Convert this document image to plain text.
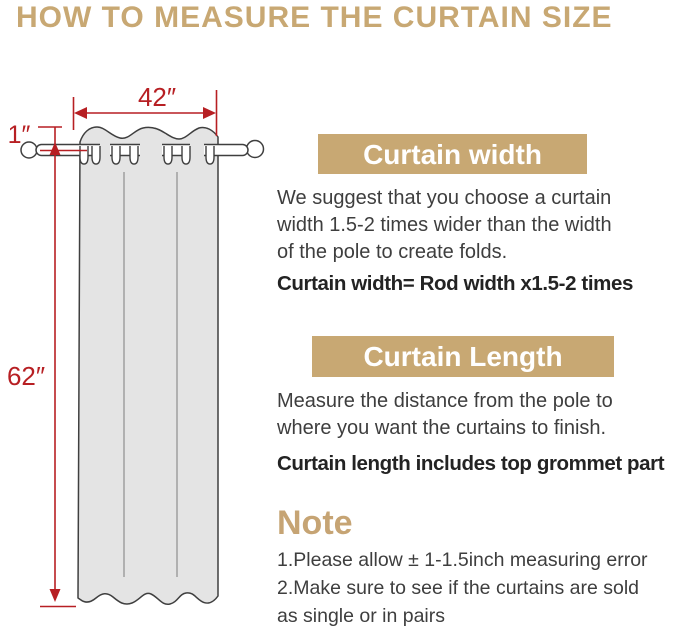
HOW TO MEASURE THE CURTAIN SIZE
42″
1″
62″
Curtain width
We suggest that you choose a curtain
width 1.5-2 times wider than the width
of the pole to create folds.
Curtain width= Rod width x1.5-2 times
Curtain Length
Measure the distance from the pole to
where you want the curtains to finish.
Curtain length includes top grommet part
Note
1.Please allow ± 1-1.5inch measuring error
2.Make sure to see if the curtains are sold
as single or in pairs
